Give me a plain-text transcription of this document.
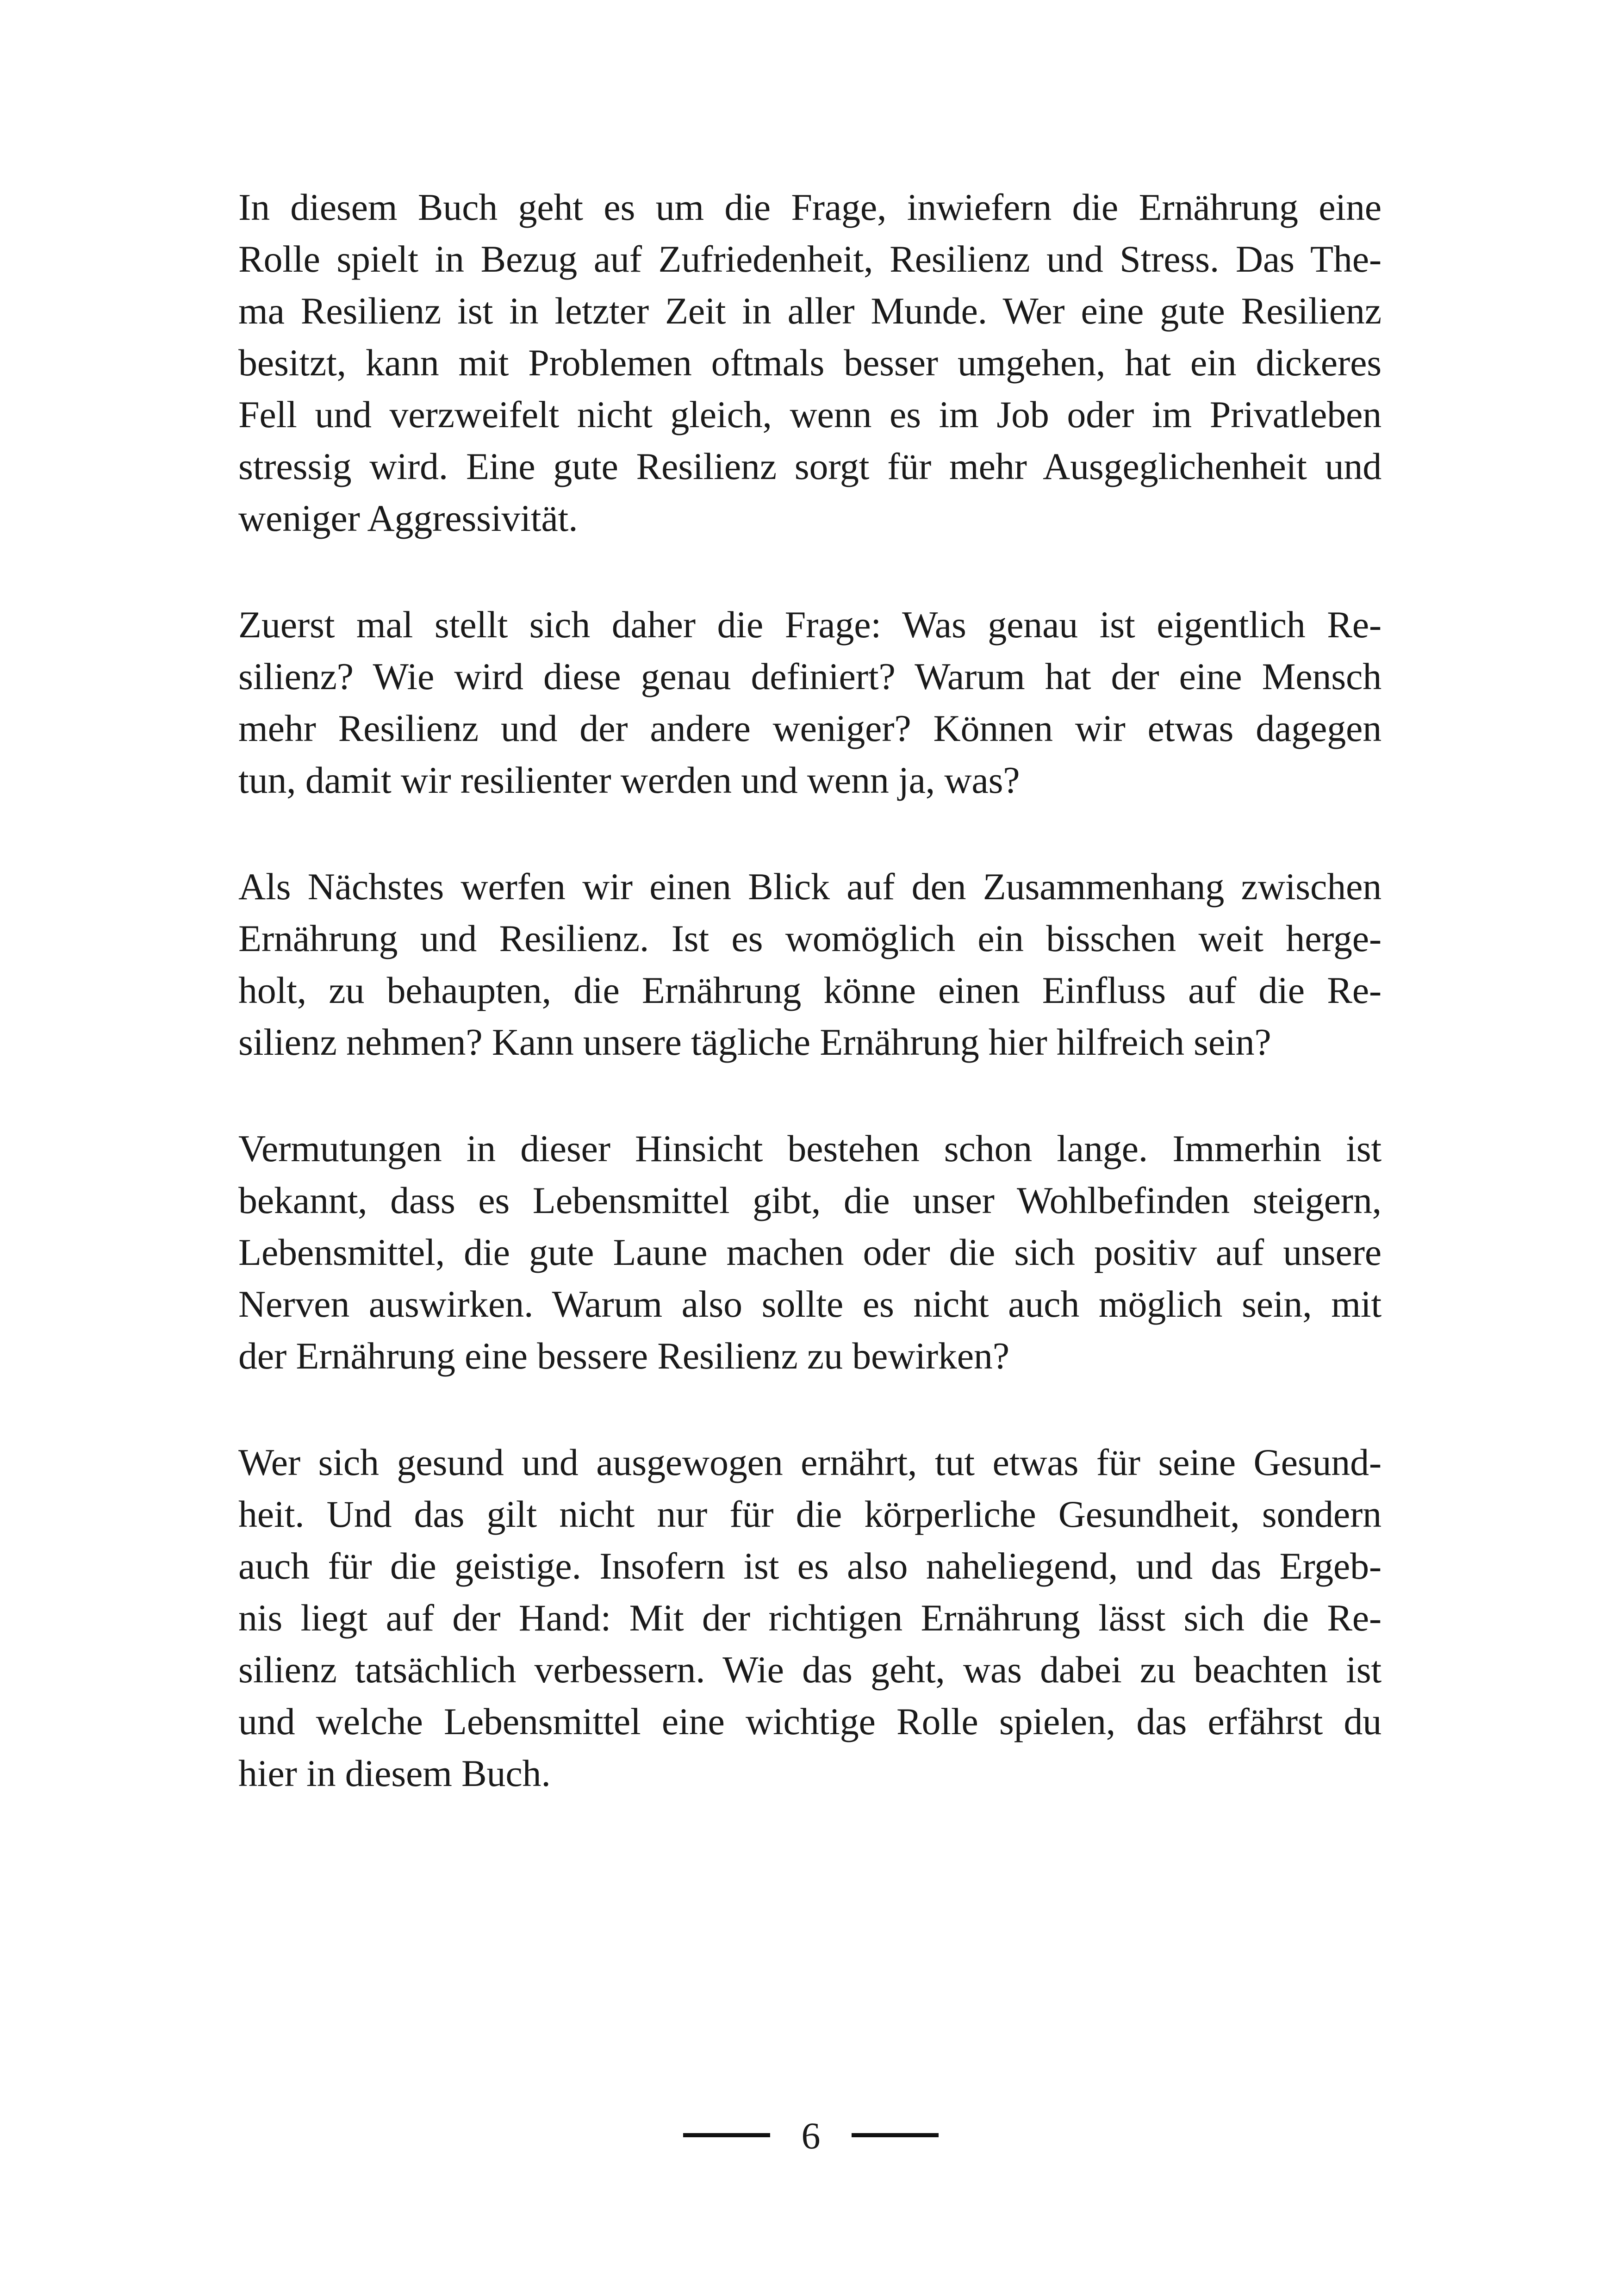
In diesem Buch geht es um die Frage, inwiefern die Ernährung eine
Rolle spielt in Bezug auf Zufriedenheit, Resilienz und Stress. Das The-
ma Resilienz ist in letzter Zeit in aller Munde. Wer eine gute Resilienz
besitzt, kann mit Problemen oftmals besser umgehen, hat ein dickeres
Fell und verzweifelt nicht gleich, wenn es im Job oder im Privatleben
stressig wird. Eine gute Resilienz sorgt für mehr Ausgeglichenheit und
weniger Aggressivität.

Zuerst mal stellt sich daher die Frage: Was genau ist eigentlich Re-
silienz? Wie wird diese genau definiert? Warum hat der eine Mensch
mehr Resilienz und der andere weniger? Können wir etwas dagegen
tun, damit wir resilienter werden und wenn ja, was?

Als Nächstes werfen wir einen Blick auf den Zusammenhang zwischen
Ernährung und Resilienz. Ist es womöglich ein bisschen weit herge-
holt, zu behaupten, die Ernährung könne einen Einfluss auf die Re-
silienz nehmen? Kann unsere tägliche Ernährung hier hilfreich sein?

Vermutungen in dieser Hinsicht bestehen schon lange. Immerhin ist
bekannt, dass es Lebensmittel gibt, die unser Wohlbefinden steigern,
Lebensmittel, die gute Laune machen oder die sich positiv auf unsere
Nerven auswirken. Warum also sollte es nicht auch möglich sein, mit
der Ernährung eine bessere Resilienz zu bewirken?

Wer sich gesund und ausgewogen ernährt, tut etwas für seine Gesund-
heit. Und das gilt nicht nur für die körperliche Gesundheit, sondern
auch für die geistige. Insofern ist es also naheliegend, und das Ergeb-
nis liegt auf der Hand: Mit der richtigen Ernährung lässt sich die Re-
silienz tatsächlich verbessern. Wie das geht, was dabei zu beachten ist
und welche Lebensmittel eine wichtige Rolle spielen, das erfährst du
hier in diesem Buch.

6
